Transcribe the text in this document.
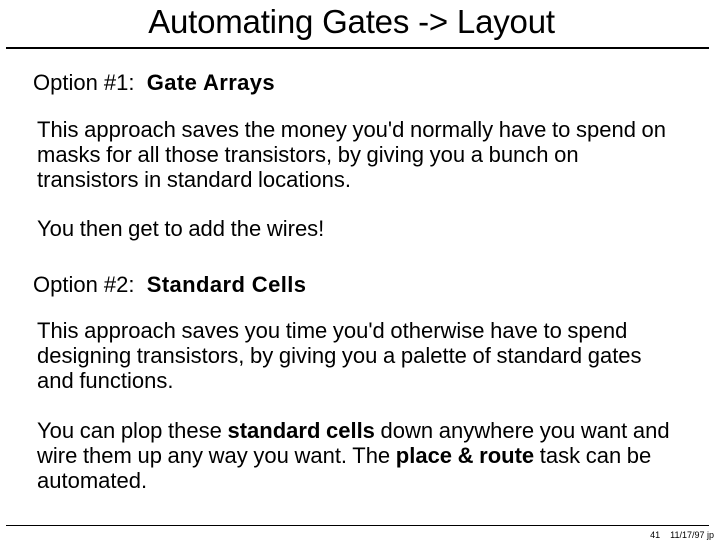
Automating Gates -> Layout
Option #1: Gate Arrays
This approach saves the money you'd normally have to spend on masks for all those transistors, by giving you a bunch on transistors in standard locations.
You then get to add the wires!
Option #2: Standard Cells
This approach saves you time you'd otherwise have to spend designing transistors, by giving you a palette of standard gates and functions.
You can plop these standard cells down anywhere you want and wire them up any way you want. The place & route task can be automated.
41 11/17/97 jp
